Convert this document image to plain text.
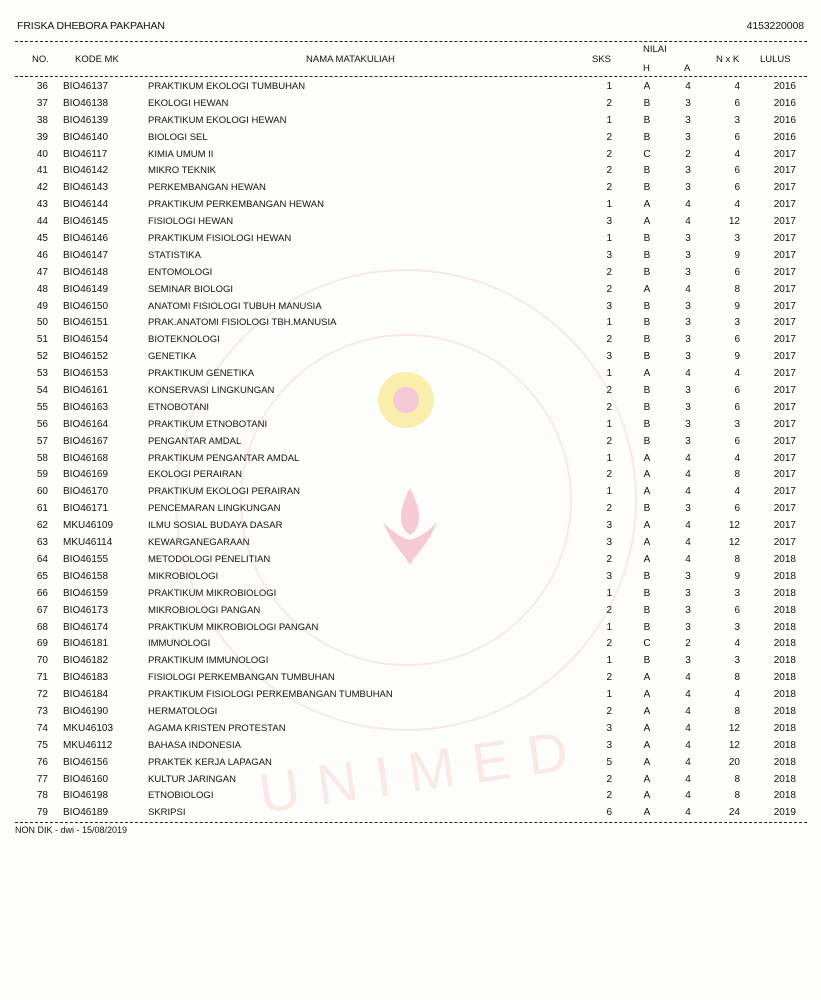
UNIMED
FRISKA DHEBORA PAKPAHAN	4153220008
NO.	KODE MK	NAMA MATAKULIAH	SKS
NILAI
H	A
N x K LULUS
36 BIO46137	PRAKTIKUM EKOLOGI TUMBUHAN	1	A	4	4	2016
37 BIO46138	EKOLOGI HEWAN	2	B	3	6	2016
38 BIO46139	PRAKTIKUM EKOLOGI HEWAN	1	B	3	3	2016
39 BIO46140	BIOLOGI SEL	2	B	3	6	2016
40 BIO46117	KIMIA UMUM II	2	C	2	4	2017
41 BIO46142	MIKRO TEKNIK	2	B	3	6	2017
42 BIO46143	PERKEMBANGAN HEWAN	2	B	3	6	2017
43 BIO46144	PRAKTIKUM PERKEMBANGAN HEWAN	1	A	4	4	2017
44 BIO46145	FISIOLOGI HEWAN	3	A	4	12	2017
45 BIO46146	PRAKTIKUM FISIOLOGI HEWAN	1	B	3	3	2017
46 BIO46147	STATISTIKA	3	B	3	9	2017
47 BIO46148	ENTOMOLOGI	2	B	3	6	2017
48 BIO46149	SEMINAR BIOLOGI	2	A	4	8	2017
49 BIO46150	ANATOMI FISIOLOGI TUBUH MANUSIA	3	B	3	9	2017
50 BIO46151	PRAK.ANATOMI FISIOLOGI TBH.MANUSIA	1	B	3	3	2017
51 BIO46154	BIOTEKNOLOGI	2	B	3	6	2017
52 BIO46152	GENETIKA	3	B	3	9	2017
53 BIO46153	PRAKTIKUM GENETIKA	1	A	4	4	2017
54 BIO46161	KONSERVASI LINGKUNGAN	2	B	3	6	2017
55 BIO46163	ETNOBOTANI	2	B	3	6	2017
56 BIO46164	PRAKTIKUM ETNOBOTANI	1	B	3	3	2017
57 BIO46167	PENGANTAR AMDAL	2	B	3	6	2017
58 BIO46168	PRAKTIKUM PENGANTAR AMDAL	1	A	4	4	2017
59 BIO46169	EKOLOGI PERAIRAN	2	A	4	8	2017
60 BIO46170	PRAKTIKUM EKOLOGI PERAIRAN	1	A	4	4	2017
61 BIO46171	PENCEMARAN LINGKUNGAN	2	B	3	6	2017
62 MKU46109	ILMU SOSIAL BUDAYA DASAR	3	A	4	12	2017
63 MKU46114	KEWARGANEGARAAN	3	A	4	12	2017
64 BIO46155	METODOLOGI PENELITIAN	2	A	4	8	2018
65 BIO46158	MIKROBIOLOGI	3	B	3	9	2018
66 BIO46159	PRAKTIKUM MIKROBIOLOGI	1	B	3	3	2018
67 BIO46173	MIKROBIOLOGI PANGAN	2	B	3	6	2018
68 BIO46174	PRAKTIKUM MIKROBIOLOGI PANGAN	1	B	3	3	2018
69 BIO46181	IMMUNOLOGI	2	C	2	4	2018
70 BIO46182	PRAKTIKUM IMMUNOLOGI	1	B	3	3	2018
71 BIO46183	FISIOLOGI PERKEMBANGAN TUMBUHAN	2	A	4	8	2018
72 BIO46184	PRAKTIKUM FISIOLOGI PERKEMBANGAN TUMBUHAN	1	A	4	4	2018
73 BIO46190	HERMATOLOGI	2	A	4	8	2018
74 MKU46103	AGAMA KRISTEN PROTESTAN	3	A	4	12	2018
75 MKU46112	BAHASA INDONESIA	3	A	4	12	2018
76 BIO46156	PRAKTEK KERJA LAPAGAN	5	A	4	20	2018
77 BIO46160	KULTUR JARINGAN	2	A	4	8	2018
78 BIO46198	ETNOBIOLOGI	2	A	4	8	2018
79 BIO46189	SKRIPSI	6	A	4	24	2019
NON DIK - dwi - 15/08/2019
